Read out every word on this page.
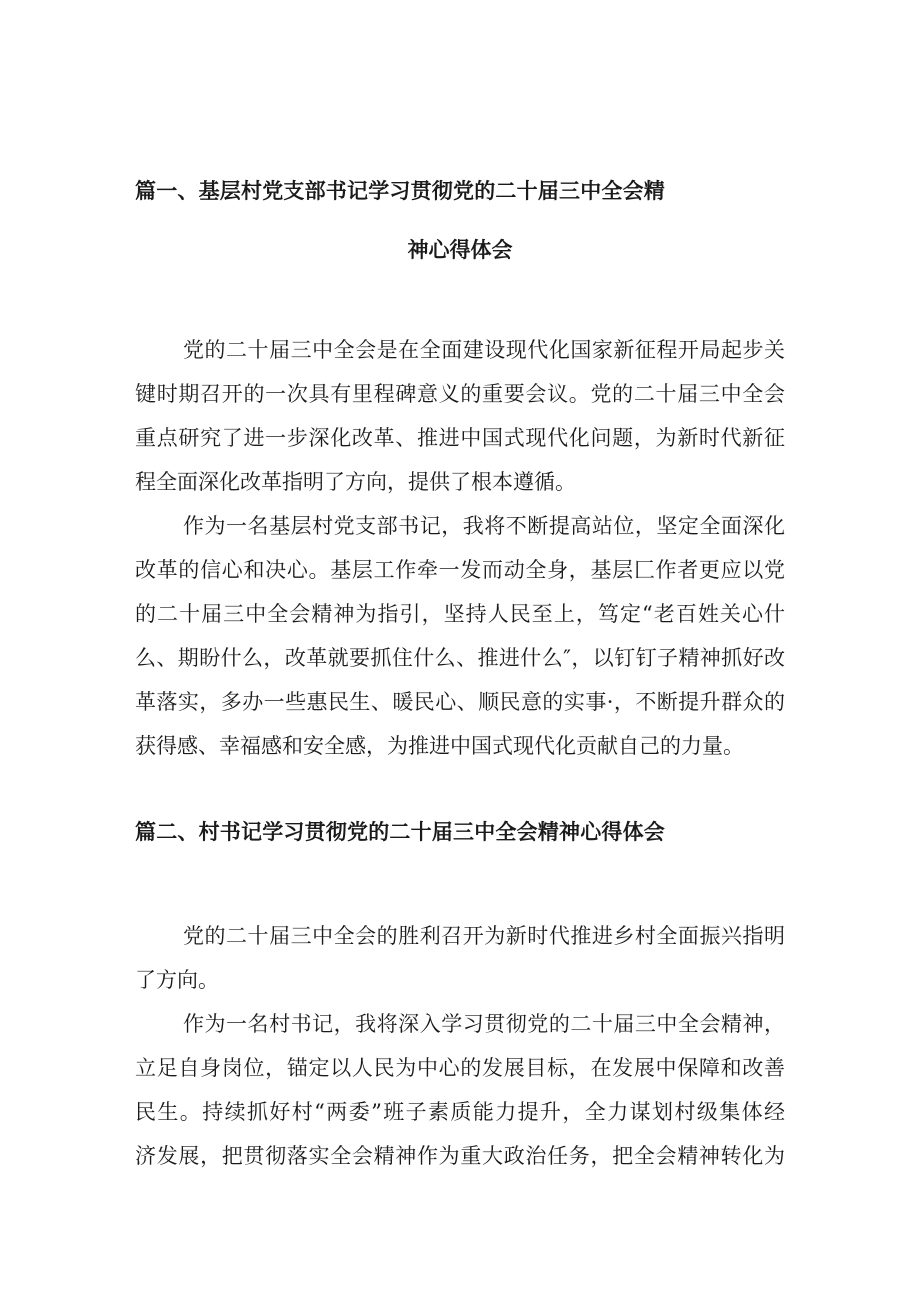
篇一、基层村党支部书记学习贯彻党的二十届三中全会精
神心得体会

党的二十届三中全会是在全面建设现代化国家新征程开局起步关
键时期召开的一次具有里程碑意义的重要会议。党的二十届三中全会
重点研究了进一步深化改革、推进中国式现代化问题，为新时代新征
程全面深化改革指明了方向，提供了根本遵循。

作为一名基层村党支部书记，我将不断提高站位，坚定全面深化
改革的信心和决心。基层工作牵一发而动全身，基层匚作者更应以党
的二十届三中全会精神为指引，坚持人民至上，笃定“老百姓关心什
么、期盼什么，改革就要抓住什么、推进什么″，以钉钉子精神抓好改
革落实，多办一些惠民生、暖民心、顺民意的实事·，不断提升群众的
获得感、幸福感和安全感，为推进中国式现代化贡献自己的力量。

篇二、村书记学习贯彻党的二十届三中全会精神心得体会

党的二十届三中全会的胜利召开为新时代推进乡村全面振兴指明
了方向。

作为一名村书记，我将深入学习贯彻党的二十届三中全会精神，
立足自身岗位，锚定以人民为中心的发展目标，在发展中保障和改善
民生。持续抓好村“两委”班子素质能力提升，全力谋划村级集体经
济发展，把贯彻落实全会精神作为重大政治任务，把全会精神转化为
